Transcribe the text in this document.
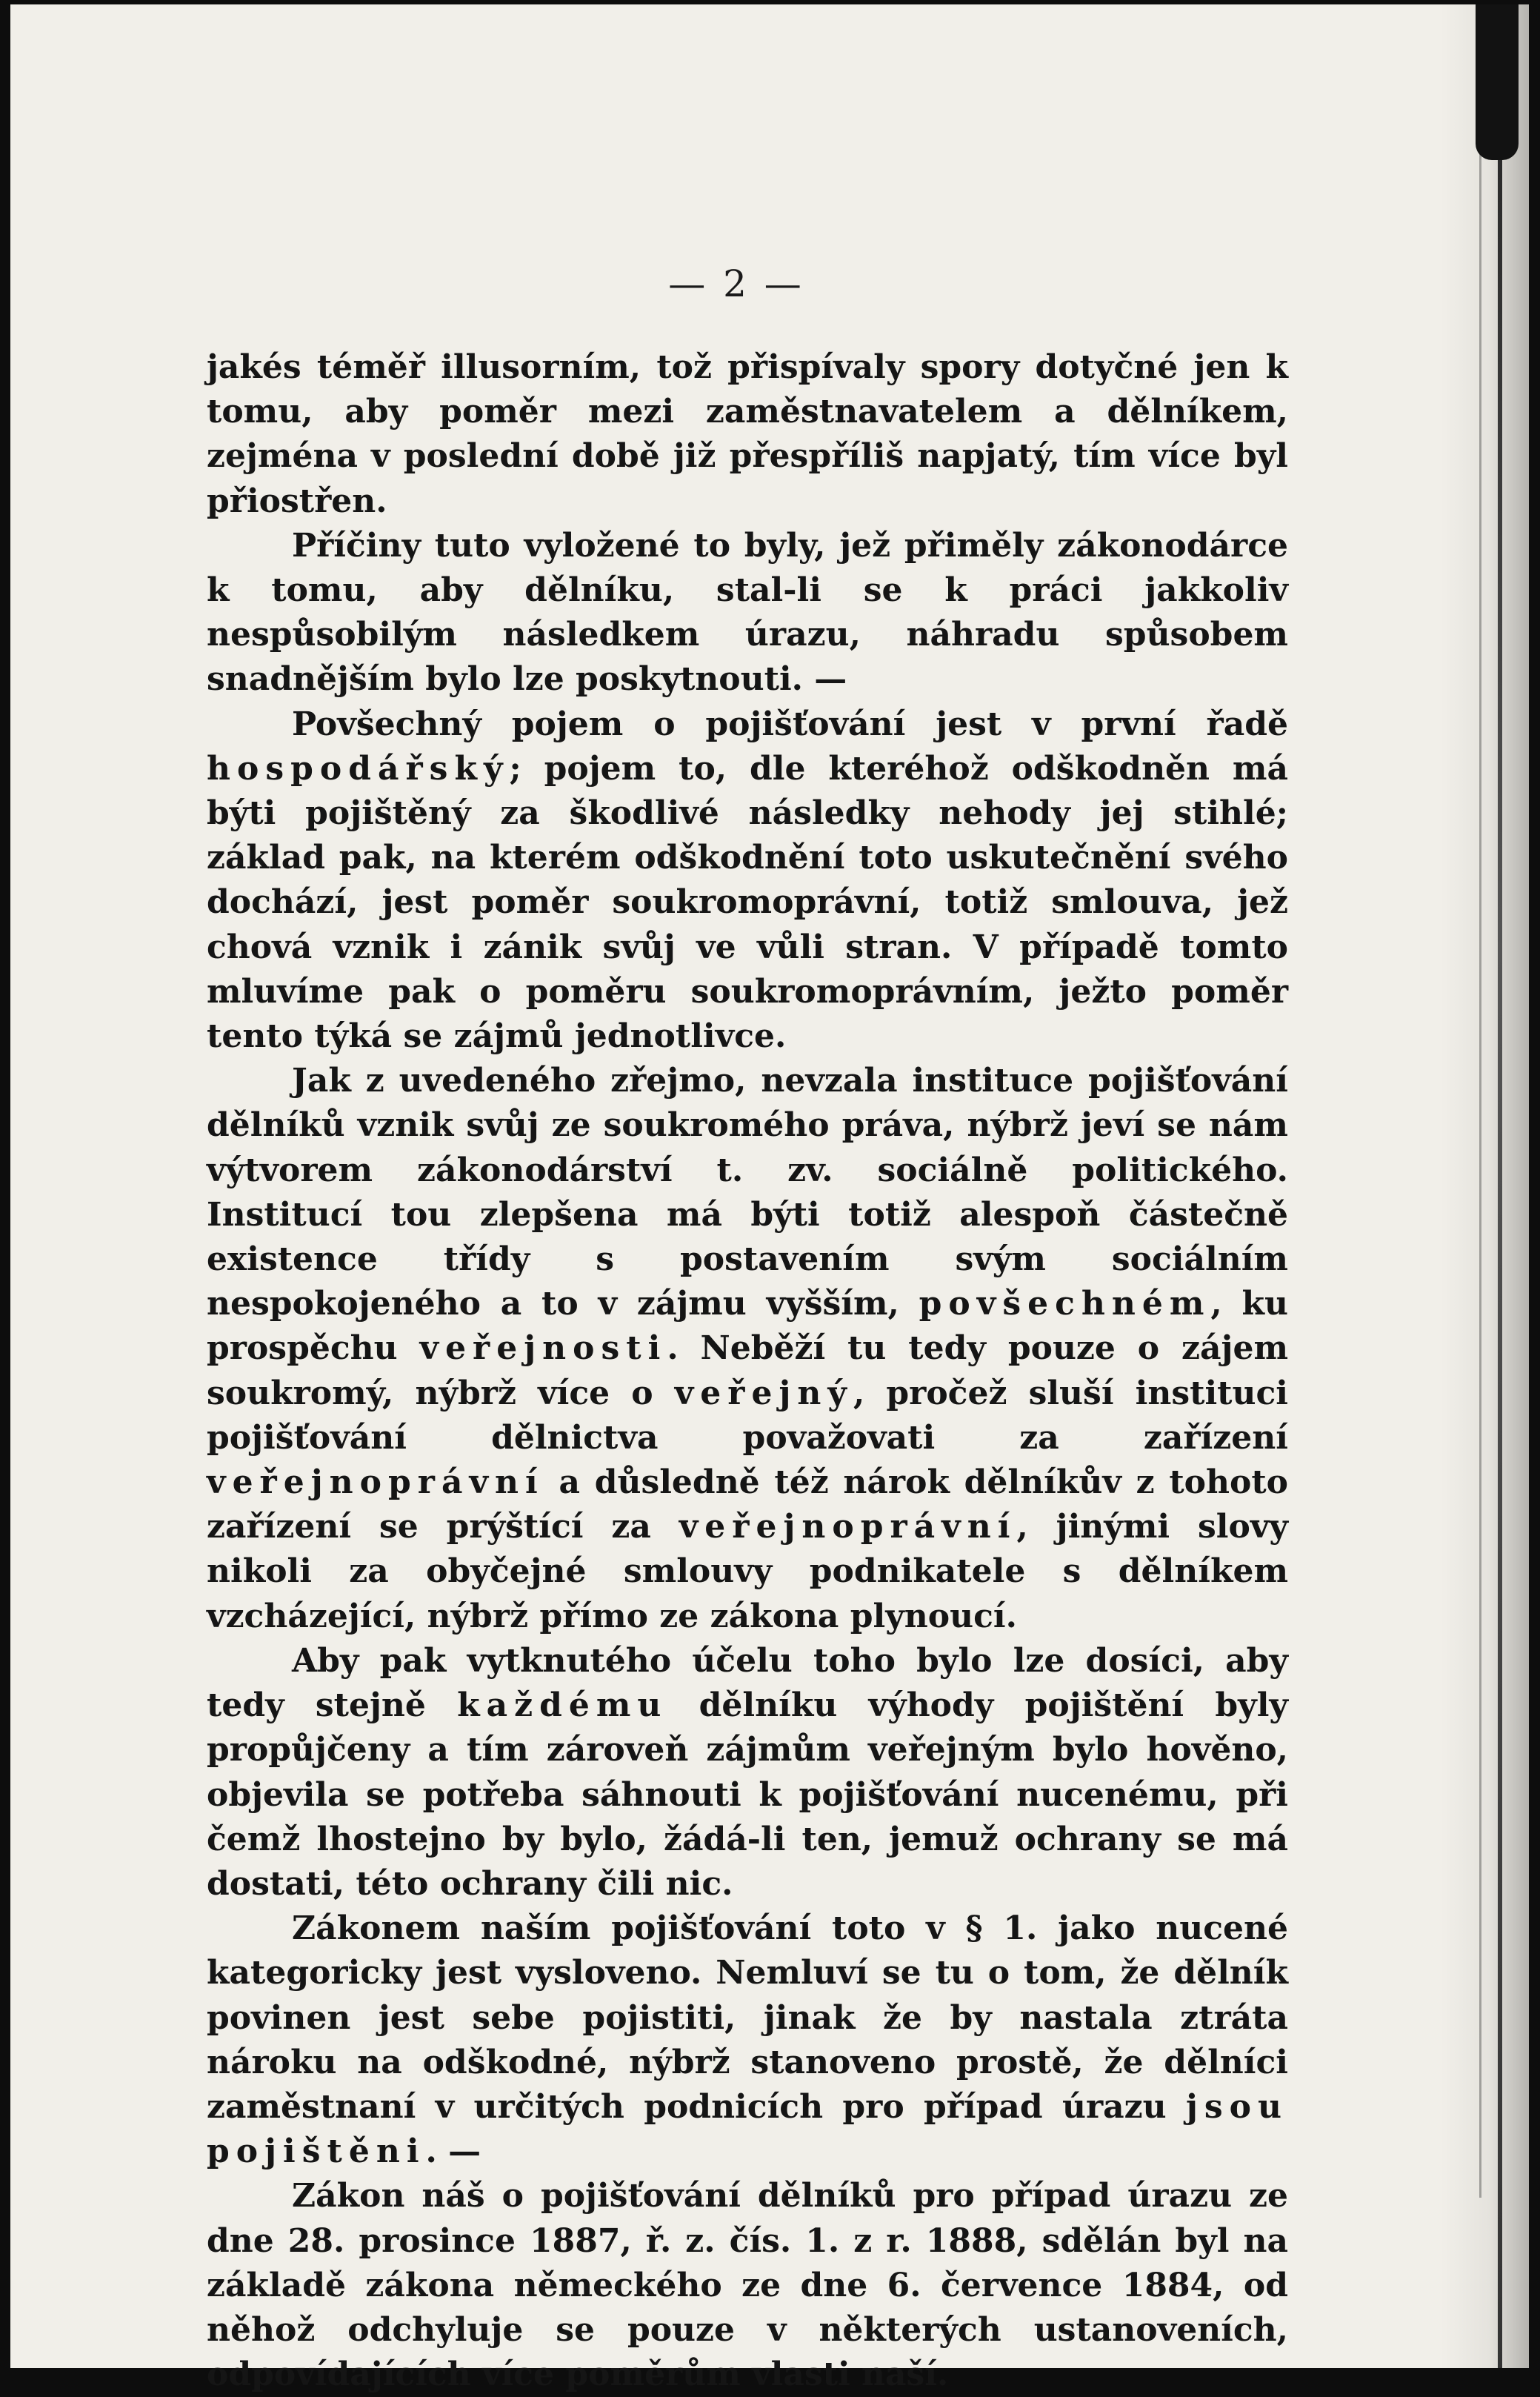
— 2 —

jakés téměř illusorním, tož přispívaly spory dotyčné jen k tomu, aby poměr mezi zaměstnavatelem a dělníkem, zejména v poslední době již přespříliš napjatý, tím více byl přiostřen.

Příčiny tuto vyložené to byly, jež přiměly zákonodárce k tomu, aby dělníku, stal-li se k práci jakkoliv nespůsobilým následkem úrazu, náhradu spůsobem snadnějším bylo lze poskytnouti. —

Povšechný pojem o pojišťování jest v první řadě hospodářský; pojem to, dle kteréhož odškodněn má býti pojištěný za škodlivé následky nehody jej stihlé; základ pak, na kterém odškodnění toto uskutečnění svého dochází, jest poměr soukromoprávní, totiž smlouva, jež chová vznik i zánik svůj ve vůli stran. V případě tomto mluvíme pak o poměru soukromoprávním, ježto poměr tento týká se zájmů jednotlivce.

Jak z uvedeného zřejmo, nevzala instituce pojišťování dělníků vznik svůj ze soukromého práva, nýbrž jeví se nám výtvorem zákonodárství t. zv. sociálně politického. Institucí tou zlepšena má býti totiž alespoň částečně existence třídy s postavením svým sociálním nespokojeného a to v zájmu vyšším, povšechném, ku prospěchu veřejnosti. Neběží tu tedy pouze o zájem soukromý, nýbrž více o veřejný, pročež sluší instituci pojišťování dělnictva považovati za zařízení veřejnoprávní a důsledně též nárok dělníkův z tohoto zařízení se prýštící za veřejnoprávní, jinými slovy nikoli za obyčejné smlouvy podnikatele s dělníkem vzcházející, nýbrž přímo ze zákona plynoucí.

Aby pak vytknutého účelu toho bylo lze dosíci, aby tedy stejně každému dělníku výhody pojištění byly propůjčeny a tím zároveň zájmům veřejným bylo hověno, objevila se potřeba sáhnouti k pojišťování nucenému, při čemž lhostejno by bylo, žádá-li ten, jemuž ochrany se má dostati, této ochrany čili nic.

Zákonem naším pojišťování toto v § 1. jako nucené kategoricky jest vysloveno. Nemluví se tu o tom, že dělník povinen jest sebe pojistiti, jinak že by nastala ztráta nároku na odškodné, nýbrž stanoveno prostě, že dělníci zaměstnaní v určitých podnicích pro případ úrazu jsou pojištěni. —

Zákon náš o pojišťování dělníků pro případ úrazu ze dne 28. prosince 1887, ř. z. čís. 1. z r. 1888, sdělán byl na základě zákona německého ze dne 6. července 1884, od něhož odchyluje se pouze v některých ustanoveních, odpovídajících více poměrům vlasti naší.
